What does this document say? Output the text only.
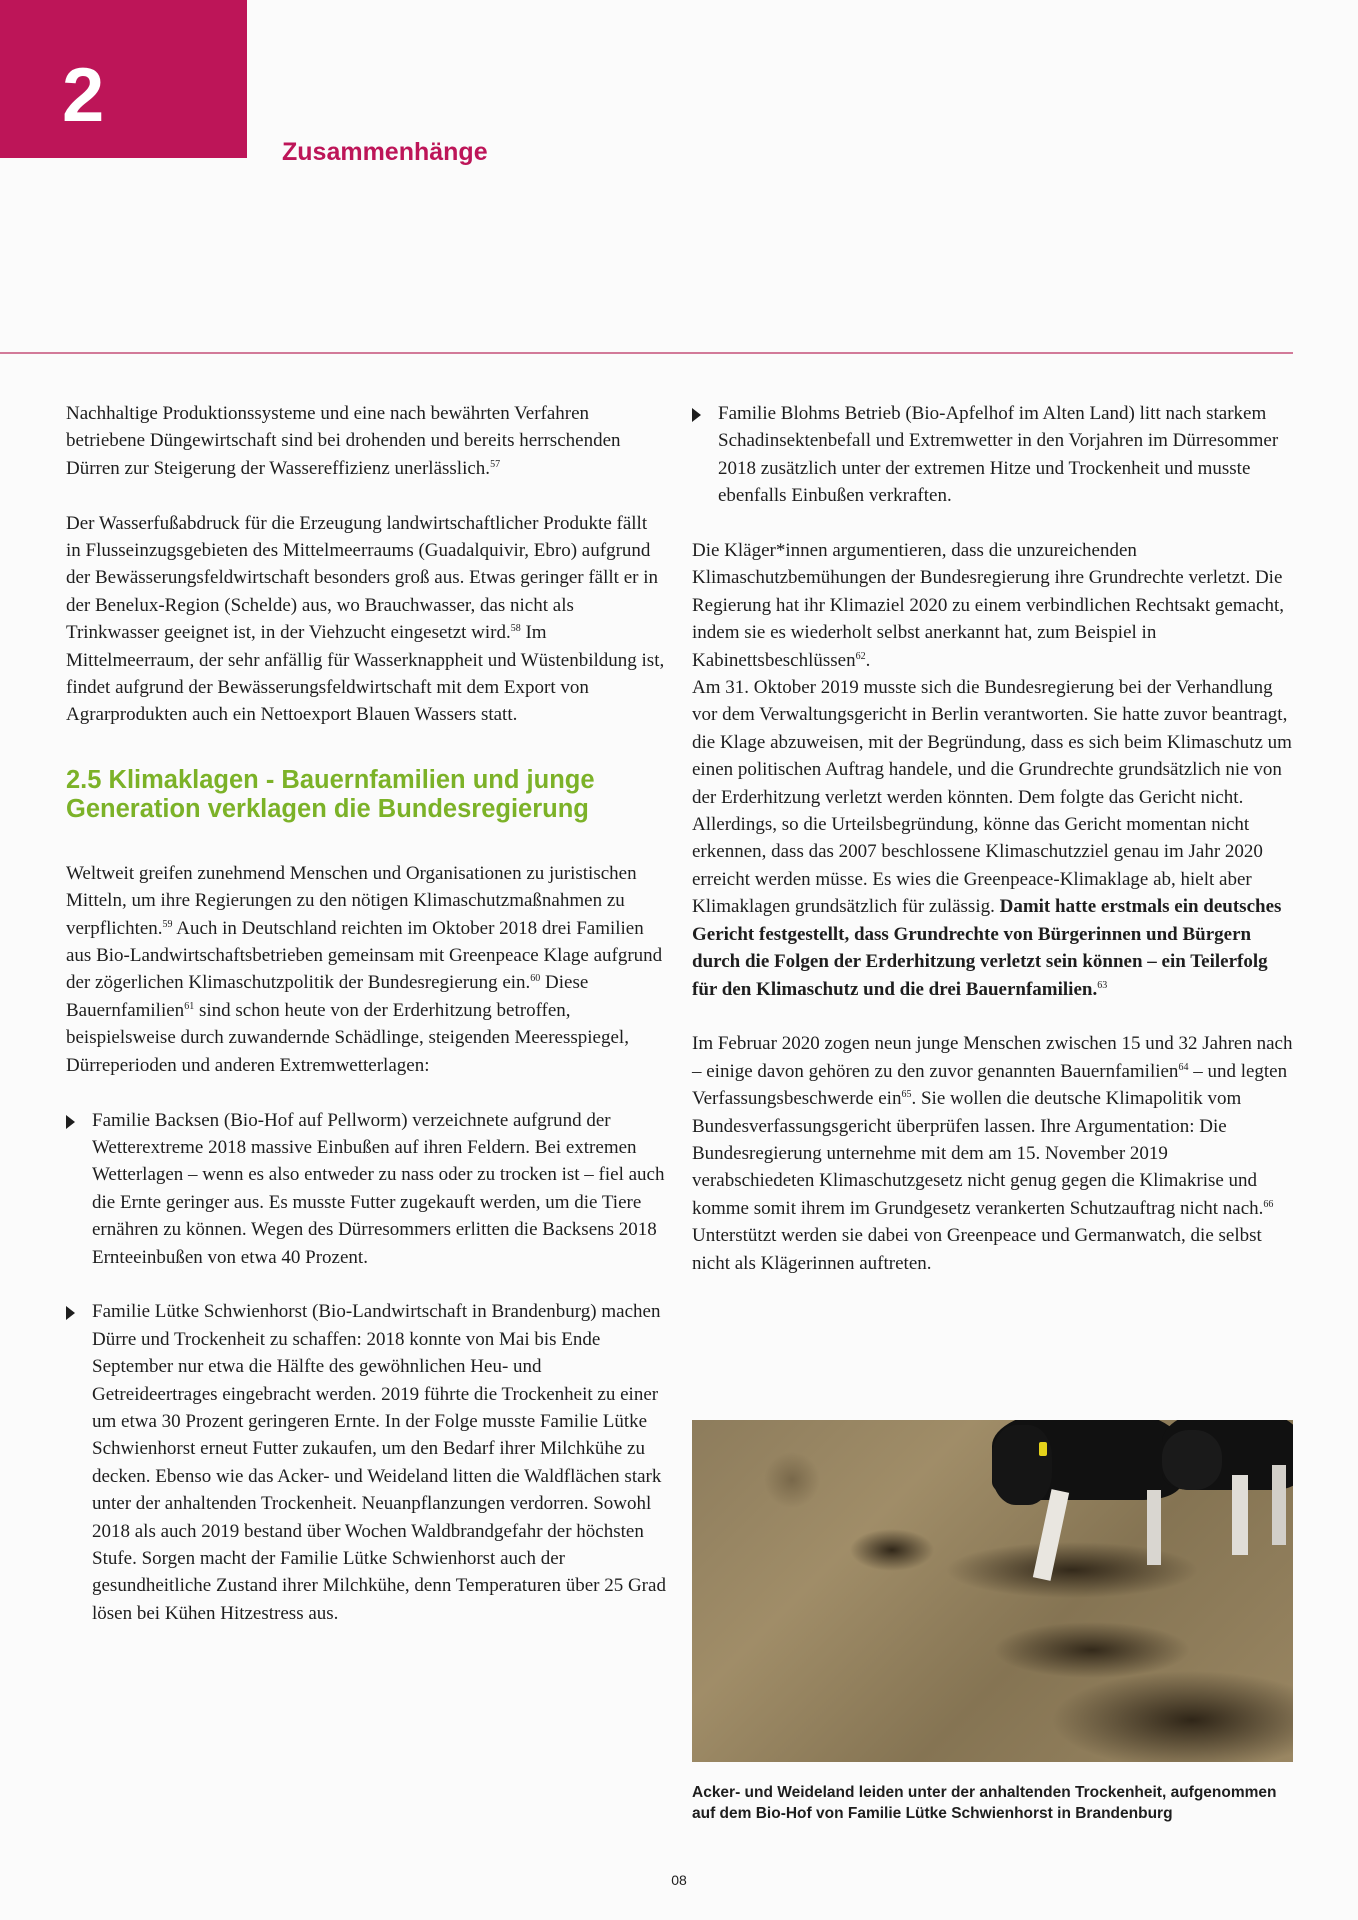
2
Zusammenhänge

Nachhaltige Produktionssysteme und eine nach bewährten Verfahren betriebene Düngewirtschaft sind bei drohenden und bereits herrschenden Dürren zur Steigerung der Wassereffizienz unerlässlich.$^{57}$

Der Wasserfußabdruck für die Erzeugung landwirtschaftlicher Produkte fällt in Flusseinzugsgebieten des Mittelmeerraums (Guadalquivir, Ebro) aufgrund der Bewässerungsfeldwirtschaft besonders groß aus. Etwas geringer fällt er in der Benelux-Region (Schelde) aus, wo Brauchwasser, das nicht als Trinkwasser geeignet ist, in der Viehzucht eingesetzt wird.$^{58}$ Im Mittelmeerraum, der sehr anfällig für Wasserknappheit und Wüstenbildung ist, findet aufgrund der Bewässerungsfeldwirtschaft mit dem Export von Agrarprodukten auch ein Nettoexport Blauen Wassers statt.

2.5 Klimaklagen - Bauernfamilien und junge Generation verklagen die Bundesregierung

Weltweit greifen zunehmend Menschen und Organisationen zu juristischen Mitteln, um ihre Regierungen zu den nötigen Klimaschutzmaßnahmen zu verpflichten.$^{59}$ Auch in Deutschland reichten im Oktober 2018 drei Familien aus Bio-Landwirtschaftsbetrieben gemeinsam mit Greenpeace Klage aufgrund der zögerlichen Klimaschutzpolitik der Bundesregierung ein.$^{60}$ Diese Bauernfamilien$^{61}$ sind schon heute von der Erderhitzung betroffen, beispielsweise durch zuwandernde Schädlinge, steigenden Meeresspiegel, Dürreperioden und anderen Extremwetterlagen:

Familie Backsen (Bio-Hof auf Pellworm) verzeichnete aufgrund der Wetterextreme 2018 massive Einbußen auf ihren Feldern. Bei extremen Wetterlagen – wenn es also entweder zu nass oder zu trocken ist – fiel auch die Ernte geringer aus. Es musste Futter zugekauft werden, um die Tiere ernähren zu können. Wegen des Dürresommers erlitten die Backsens 2018 Ernteeinbußen von etwa 40 Prozent.
Familie Lütke Schwienhorst (Bio-Landwirtschaft in Brandenburg) machen Dürre und Trockenheit zu schaffen: 2018 konnte von Mai bis Ende September nur etwa die Hälfte des gewöhnlichen Heu- und Getreideertrages eingebracht werden. 2019 führte die Trockenheit zu einer um etwa 30 Prozent geringeren Ernte. In der Folge musste Familie Lütke Schwienhorst erneut Futter zukaufen, um den Bedarf ihrer Milchkühe zu decken. Ebenso wie das Acker- und Weideland litten die Waldflächen stark unter der anhaltenden Trockenheit. Neuanpflanzungen verdorren. Sowohl 2018 als auch 2019 bestand über Wochen Waldbrandgefahr der höchsten Stufe. Sorgen macht der Familie Lütke Schwienhorst auch der gesundheitliche Zustand ihrer Milchkühe, denn Temperaturen über 25 Grad lösen bei Kühen Hitzestress aus.
Familie Blohms Betrieb (Bio-Apfelhof im Alten Land) litt nach starkem Schadinsektenbefall und Extremwetter in den Vorjahren im Dürresommer 2018 zusätzlich unter der extremen Hitze und Trockenheit und musste ebenfalls Einbußen verkraften.

Die Kläger*innen argumentieren, dass die unzureichenden Klimaschutzbemühungen der Bundesregierung ihre Grundrechte verletzt. Die Regierung hat ihr Klimaziel 2020 zu einem verbindlichen Rechtsakt gemacht, indem sie es wiederholt selbst anerkannt hat, zum Beispiel in Kabinettsbeschlüssen$^{62}$.

Am 31. Oktober 2019 musste sich die Bundesregierung bei der Verhandlung vor dem Verwaltungsgericht in Berlin verantworten. Sie hatte zuvor beantragt, die Klage abzuweisen, mit der Begründung, dass es sich beim Klimaschutz um einen politischen Auftrag handele, und die Grundrechte grundsätzlich nie von der Erderhitzung verletzt werden könnten. Dem folgte das Gericht nicht. Allerdings, so die Urteilsbegründung, könne das Gericht momentan nicht erkennen, dass das 2007 beschlossene Klimaschutzziel genau im Jahr 2020 erreicht werden müsse. Es wies die Greenpeace-Klimaklage ab, hielt aber Klimaklagen grundsätzlich für zulässig. Damit hatte erstmals ein deutsches Gericht festgestellt, dass Grundrechte von Bürgerinnen und Bürgern durch die Folgen der Erderhitzung verletzt sein können – ein Teilerfolg für den Klimaschutz und die drei Bauernfamilien.$^{63}$

Im Februar 2020 zogen neun junge Menschen zwischen 15 und 32 Jahren nach – einige davon gehören zu den zuvor genannten Bauernfamilien$^{64}$ – und legten Verfassungsbeschwerde ein$^{65}$. Sie wollen die deutsche Klimapolitik vom Bundesverfassungsgericht überprüfen lassen. Ihre Argumentation: Die Bundesregierung unternehme mit dem am 15. November 2019 verabschiedeten Klimaschutzgesetz nicht genug gegen die Klimakrise und komme somit ihrem im Grundgesetz verankerten Schutzauftrag nicht nach.$^{66}$ Unterstützt werden sie dabei von Greenpeace und Germanwatch, die selbst nicht als Klägerinnen auftreten.

Acker- und Weideland leiden unter der anhaltenden Trockenheit, aufgenommen auf dem Bio-Hof von Familie Lütke Schwienhorst in Brandenburg
08
